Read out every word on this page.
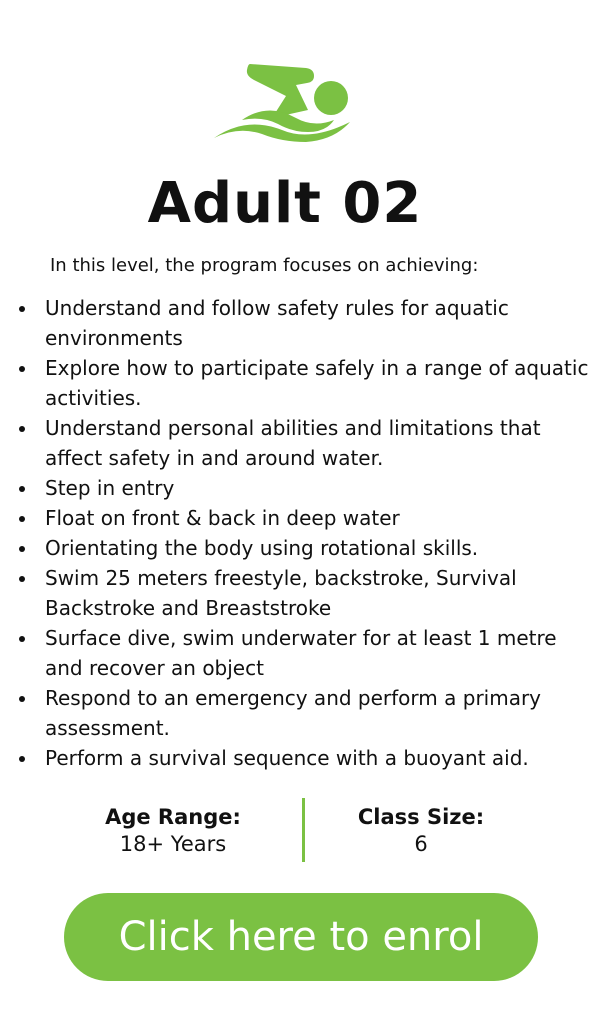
Adult 02

In this level, the program focuses on achieving:

Understand and follow safety rules for aquatic environments
Explore how to participate safely in a range of aquatic activities.
Understand personal abilities and limitations that affect safety in and around water.
Step in entry
Float on front & back in deep water
Orientating the body using rotational skills.
Swim 25 meters freestyle, backstroke, Survival Backstroke and Breaststroke
Surface dive, swim underwater for at least 1 metre and recover an object
Respond to an emergency and perform a primary assessment.
Perform a survival sequence with a buoyant aid.
Age Range:
18+ Years
Class Size:
6
Click here to enrol
